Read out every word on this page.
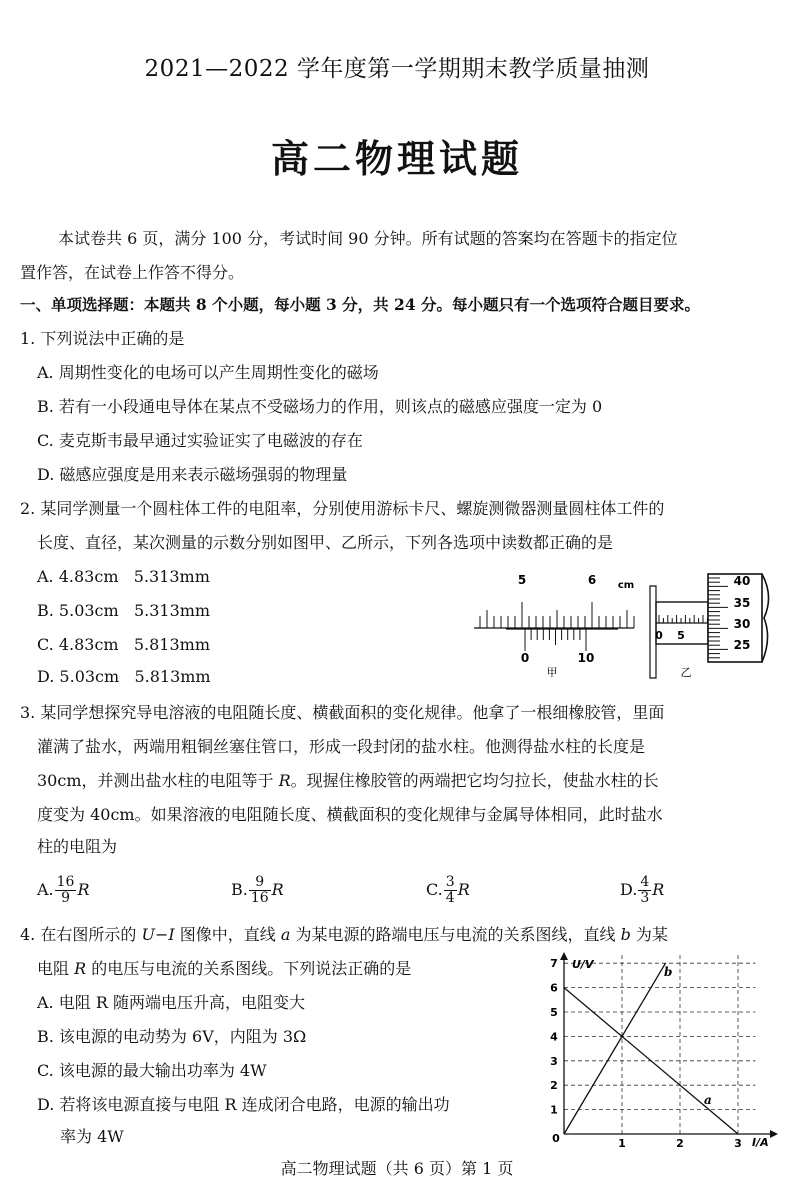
2021—2022 学年度第一学期期末教学质量抽测
高二物理试题
本试卷共 6 页，满分 100 分，考试时间 90 分钟。所有试题的答案均在答题卡的指定位
置作答，在试卷上作答不得分。
一、单项选择题：本题共 8 个小题，每小题 3 分，共 24 分。每小题只有一个选项符合题目要求。
1. 下列说法中正确的是
A. 周期性变化的电场可以产生周期性变化的磁场
B. 若有一小段通电导体在某点不受磁场力的作用，则该点的磁感应强度一定为 0
C. 麦克斯韦最早通过实验证实了电磁波的存在
D. 磁感应强度是用来表示磁场强弱的物理量
2. 某同学测量一个圆柱体工件的电阻率，分别使用游标卡尺、螺旋测微器测量圆柱体工件的
长度、直径，某次测量的示数分别如图甲、乙所示，下列各选项中读数都正确的是
A. 4.83cm   5.313mm
B. 5.03cm   5.313mm
C. 4.83cm   5.813mm
D. 5.03cm   5.813mm
5	6 cm
0	10
甲
0 5
40
35
30
25
乙
3. 某同学想探究导电溶液的电阻随长度、横截面积的变化规律。他拿了一根细橡胶管，里面
灌满了盐水，两端用粗铜丝塞住管口，形成一段封闭的盐水柱。他测得盐水柱的长度是
30cm，并测出盐水柱的电阻等于 R。现握住橡胶管的两端把它均匀拉长，使盐水柱的长
度变为 40cm。如果溶液的电阻随长度、横截面积的变化规律与金属导体相同，此时盐水
柱的电阻为
A. $\frac{16}{9}$ R	B. $\frac{9}{16}$ R	C. $\frac{3}{4}$ R	D. $\frac{4}{3}$ R
4. 在右图所示的 U−I 图像中，直线 a 为某电源的路端电压与电流的关系图线，直线 b 为某
电阻 R 的电压与电流的关系图线。下列说法正确的是
A. 电阻 R 随两端电压升高，电阻变大
B. 该电源的电动势为 6V，内阻为 3Ω
C. 该电源的最大输出功率为 4W
D. 若将该电源直接与电阻 R 连成闭合电路，电源的输出功
率为 4W
1
2
3
4
5
6
7
1	2	3
U/V
I/A
0
a
b
高二物理试题（共 6 页）第 1 页
